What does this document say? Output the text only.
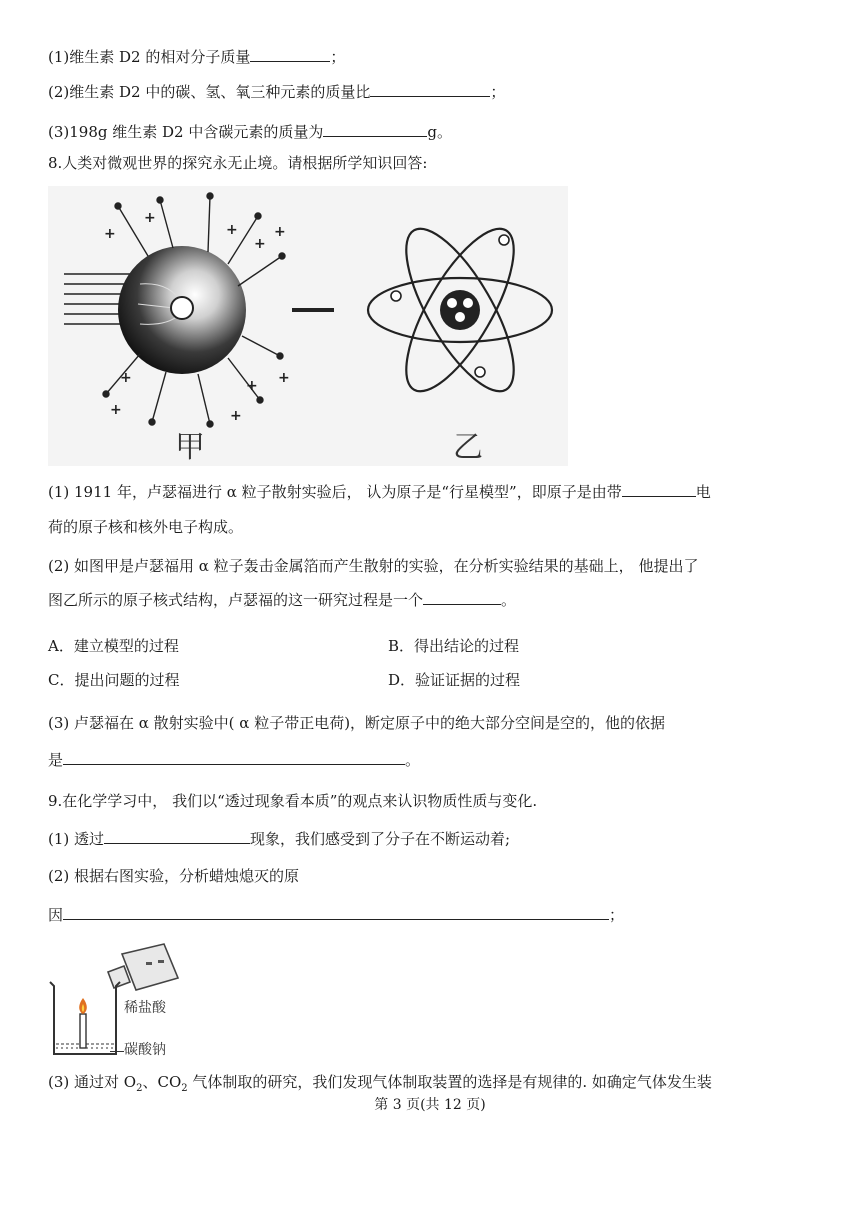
(1)维生素 D2 的相对分子质量	；
(2)维生素 D2 中的碳、氢、氧三种元素的质量比	；
(3)198g 维生素 D2 中含碳元素的质量为	g。
8.人类对微观世界的探究永无止境。请根据所学知识回答:
+
+
+
+
+
+
+
+
+
+
甲	乙
(1) 1911 年，卢瑟福进行 α 粒子散射实验后， 认为原子是“行星模型”，即原子是由带	电
荷的原子核和核外电子构成。
(2) 如图甲是卢瑟福用 α 粒子轰击金属箔而产生散射的实验，在分析实验结果的基础上， 他提出了
图乙所示的原子核式结构，卢瑟福的这一研究过程是一个	。
A．建立模型的过程	B．得出结论的过程
C．提出问题的过程	D．验证证据的过程
(3) 卢瑟福在 α 散射实验中( α 粒子带正电荷)，断定原子中的绝大部分空间是空的，他的依据
是	。
9.在化学学习中， 我们以“透过现象看本质”的观点来认识物质性质与变化.
(1) 透过	现象，我们感受到了分子在不断运动着;
(2) 根据右图实验，分析蜡烛熄灭的原
因	；
稀盐酸
碳酸钠
(3) 通过对 $O_2$、$CO_2$ 气体制取的研究，我们发现气体制取装置的选择是有规律的. 如确定气体发生装
第 3 页(共 12 页)
